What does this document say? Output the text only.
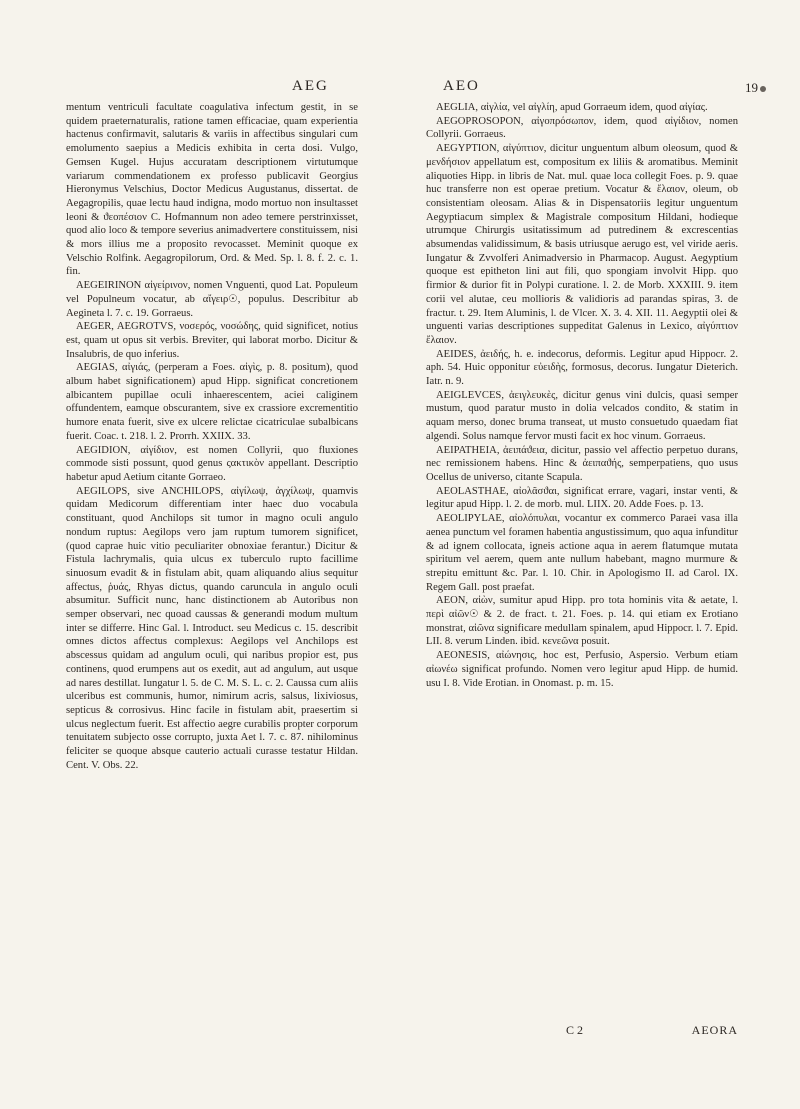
AEG	AEO	19

mentum ventriculi facultate coagulativa infectum gestit, in se quidem praeternaturalis, ratione tamen efficaciae, quam experientia hactenus confirmavit, salutaris & variis in affectibus singulari cum emolumento saepius a Medicis exhibita in certa dosi. Vulgo, Gemsen Kugel. Hujus accuratam descriptionem virtutumque variarum commendationem ex professo publicavit Georgius Hieronymus Velschius, Doctor Medicus Augustanus, dissertat. de Aegagropilis, quae lectu haud indigna, modo mortuo non insultasset leoni & ϑεοπέσιον C. Hofmannum non adeo temere perstrinxisset, quod alio loco & tempore severius animadvertere constituissem, nisi & mors illius me a proposito revocasset. Meminit quoque ex Velschio Rolfink. Aegagropilorum, Ord. & Med. Sp. l. 8. f. 2. c. 1. fin.

AEGEIRINON αἰγείρινον, nomen Vnguenti, quod Lat. Populeum vel Populneum vocatur, ab αἴγειρ☉, populus. Describitur ab Aegineta l. 7. c. 19. Gorraeus.

AEGER, AEGROTVS, νοσερός, νοσώδης, quid significet, notius est, quam ut opus sit verbis. Breviter, qui laborat morbo. Dicitur & Insalubris, de quo inferius.

AEGIAS, αἰγιάς, (perperam a Foes. αἰγὶς, p. 8. positum), quod album habet significationem) apud Hipp. significat concretionem albicantem pupillae oculi inhaerescentem, aciei caliginem offundentem, eamque obscurantem, sive ex crassiore excrementitio humore enata fuerit, sive ex ulcere relictae cicatriculae subalbicans fuerit. Coac. t. 218. l. 2. Prorrh. XXIIX. 33.

AEGIDION, αἰγίδιον, est nomen Collyrii, quo fluxiones commode sisti possunt, quod genus ςακτικὸν appellant. Descriptio habetur apud Aetium citante Gorraeo.

AEGILOPS, sive ANCHILOPS, αἰγίλωψ, ἀγχίλωψ, quamvis quidam Medicorum differentiam inter haec duo vocabula constituant, quod Anchilops sit tumor in magno oculi angulo nondum ruptus: Aegilops vero jam ruptum tumorem significet, (quod caprae huic vitio peculiariter obnoxiae ferantur.) Dicitur & Fistula lachrymalis, quia ulcus ex tuberculo rupto facillime sinuosum evadit & in fistulam abit, quam aliquando alius sequitur affectus, ῥυάς, Rhyas dictus, quando caruncula in angulo oculi absumitur. Sufficit nunc, hanc distinctionem ab Autoribus non semper observari, nec quoad caussas & generandi modum multum inter se differre. Hinc Gal. l. Introduct. seu Medicus c. 15. describit omnes dictos affectus complexus: Aegilops vel Anchilops est abscessus quidam ad angulum oculi, qui naribus propior est, pus continens, quod erumpens aut os exedit, aut ad angulum, aut usque ad nares destillat. Iungatur l. 5. de C. M. S. L. c. 2. Caussa cum aliis ulceribus est communis, humor, nimirum acris, salsus, lixiviosus, septicus & corrosivus. Hinc facile in fistulam abit, praesertim si ulcus neglectum fuerit. Est affectio aegre curabilis propter corporum tenuitatem subjecto osse corrupto, juxta Aet l. 7. c. 87. nihilominus feliciter se quoque absque cauterio actuali curasse testatur Hildan. Cent. V. Obs. 22.

AEGLIA, αἰγλία, vel αἰγλίη, apud Gorraeum idem, quod αἰγίας.

AEGOPROSOPON, αἰγοπρόσωπον, idem, quod αἰγίδιον, nomen Collyrii. Gorraeus.

AEGYPTION, αἰγύπτιον, dicitur unguentum album oleosum, quod & μενδήσιον appellatum est, compositum ex liliis & aromatibus. Meminit aliquoties Hipp. in libris de Nat. mul. quae loca collegit Foes. p. 9. quae huc transferre non est operae pretium. Vocatur & ἔλαιον, oleum, ob consistentiam oleosam. Alias & in Dispensatoriis legitur unguentum Aegyptiacum simplex & Magistrale compositum Hildani, hodieque utrumque Chirurgis usitatissimum ad putredinem & excrescentias absumendas validissimum, & basis utriusque aerugo est, vel viride aeris. Iungatur & Zvvolferi Animadversio in Pharmacop. August. Aegyptium quoque est epitheton lini aut fili, quo spongiam involvit Hipp. quo firmior & durior fit in Polypi curatione. l. 2. de Morb. XXXIII. 9. item corii vel alutae, ceu mollioris & validioris ad parandas spiras, 3. de fractur. t. 29. Item Aluminis, l. de Vlcer. X. 3. 4. XII. 11. Aegyptii olei & unguenti varias descriptiones suppeditat Galenus in Lexico, αἰγύπτιον ἔλαιον.

AEIDES, ἀειδής, h. e. indecorus, deformis. Legitur apud Hippocr. 2. aph. 54. Huic opponitur εὐειδὴς, formosus, decorus. Iungatur Dieterich. Iatr. n. 9.

AEIGLEVCES, ἀειγλευκὲς, dicitur genus vini dulcis, quasi semper mustum, quod paratur musto in dolia velcados condito, & statim in aquam merso, donec bruma transeat, ut musto consuetudo quaedam fiat algendi. Solus namque fervor musti facit ex hoc vinum. Gorraeus.

AEIPATHEIA, ἀειπάϑεια, dicitur, passio vel affectio perpetuo durans, nec remissionem habens. Hinc & ἀειπαϑής, semperpatiens, quo usus Ocellus de universo, citante Scapula.

AEOLASTHAE, αἰολᾶσϑαι, significat errare, vagari, instar venti, & legitur apud Hipp. l. 2. de morb. mul. LIIX. 20. Adde Foes. p. 13.

AEOLIPYLAE, αἰολόπυλαι, vocantur ex commerco Paraei vasa illa aenea punctum vel foramen habentia angustissimum, quo aqua infunditur & ad ignem collocata, igneis actione aqua in aerem flatumque mutata spiritum vel aerem, quem ante nullum habebant, magno murmure & strepitu emittunt &c. Par. l. 10. Chir. in Apologismo II. ad Carol. IX. Regem Gall. post praefat.

AEON, αἰὼν, sumitur apud Hipp. pro tota hominis vita & aetate, l. περὶ αἰῶν☉ & 2. de fract. t. 21. Foes. p. 14. qui etiam ex Erotiano monstrat, αἰῶνα significare medullam spinalem, apud Hippocr. l. 7. Epid. LII. 8. verum Linden. ibid. κενεῶνα posuit.

AEONESIS, αἰώνησις, hoc est, Perfusio, Aspersio. Verbum etiam αἰωνέω significat profundo. Nomen vero legitur apud Hipp. de humid. usu I. 8. Vide Erotian. in Onomast. p. m. 15.

C 2	AEORA
